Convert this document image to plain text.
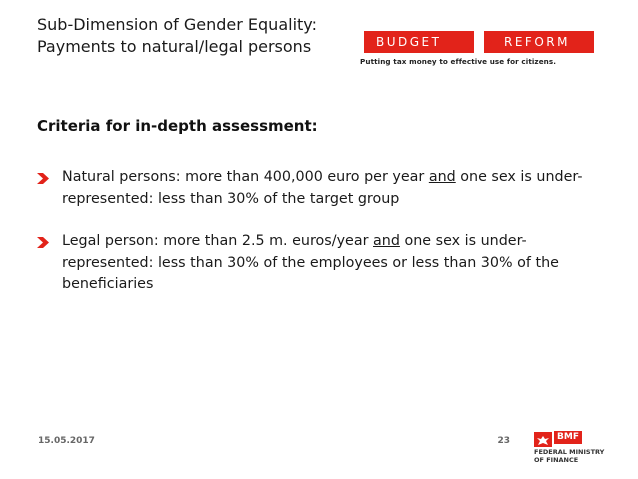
Sub-Dimension of Gender Equality: Payments to natural/legal persons	BUDGET	REFORM
Putting tax money to effective use for citizens.
Criteria for in-depth assessment:
Natural persons: more than 400,000 euro per year and one sex is under-represented: less than 30% of the target group
Legal person: more than 2.5 m. euros/year and one sex is under-represented: less than 30% of the employees or less than 30% of the beneficiaries
15.05.2017	23	BMF
FEDERAL MINISTRY
OF FINANCE
